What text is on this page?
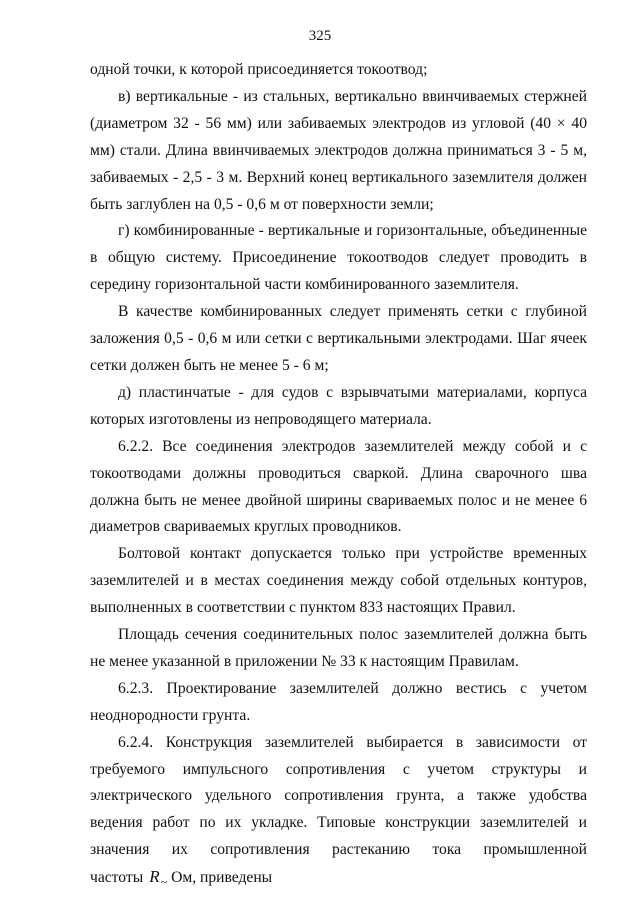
325

одной точки, к которой присоединяется токоотвод;

в) вертикальные - из стальных, вертикально ввинчиваемых стержней (диаметром 32 - 56 мм) или забиваемых электродов из угловой (40 × 40 мм) стали. Длина ввинчиваемых электродов должна приниматься 3 - 5 м, забиваемых - 2,5 - 3 м. Верхний конец вертикального заземлителя должен быть заглублен на 0,5 - 0,6 м от поверхности земли;

г) комбинированные - вертикальные и горизонтальные, объединенные в общую систему. Присоединение токоотводов следует проводить в середину горизонтальной части комбинированного заземлителя.

В качестве комбинированных следует применять сетки с глубиной заложения 0,5 - 0,6 м или сетки с вертикальными электродами. Шаг ячеек сетки должен быть не менее 5 - 6 м;

д) пластинчатые - для судов с взрывчатыми материалами, корпуса которых изготовлены из непроводящего материала.

6.2.2. Все соединения электродов заземлителей между собой и с токоотводами должны проводиться сваркой. Длина сварочного шва должна быть не менее двойной ширины свариваемых полос и не менее 6 диаметров свариваемых круглых проводников.

Болтовой контакт допускается только при устройстве временных заземлителей и в местах соединения между собой отдельных контуров, выполненных в соответствии с пунктом 833 настоящих Правил.

Площадь сечения соединительных полос заземлителей должна быть не менее указанной в приложении № 33 к настоящим Правилам.

6.2.3. Проектирование заземлителей должно вестись с учетом неоднородности грунта.

6.2.4. Конструкция заземлителей выбирается в зависимости от требуемого импульсного сопротивления с учетом структуры и электрического удельного сопротивления грунта, а также удобства ведения работ по их укладке. Типовые конструкции заземлителей и значения их сопротивления растеканию тока промышленной частоты $R_\sim$ Ом, приведены
